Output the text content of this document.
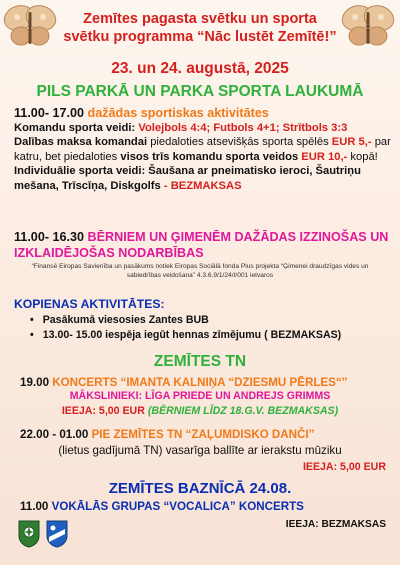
Zemītes pagasta svētku un sporta
svētku programma “Nāc lustēt Zemītē!”
23. un 24. augustā, 2025
PILS PARKĀ UN PARKA SPORTA LAUKUMĀ
11.00- 17.00 dažādas sportiskas aktivitātes
Komandu sporta veidi: Volejbols 4:4; Futbols 4+1; Strītbols 3:3
Dalības maksa komandai piedaloties atsevišķās sporta spēlēs EUR 5,- par katru, bet piedaloties visos trīs komandu sporta veidos EUR 10,- kopā!
Individuālie sporta veidi: Šaušana ar pneimatisko ieroci, Šautriņu mešana, Trīscīņa, Diskgolfs - BEZMAKSAS
11.00- 16.30 BĒRNIEM UN ĢIMENĒM DAŽĀDAS IZZINOŠAS UN IZKLAIDĒJOŠAS NODARBĪBAS
“Finansē Eiropas Savienība un pasākums notiek Eiropas Sociālā fonda Plus projekta “Ģimenei draudzīgas vides un sabiedrības veidošana” 4.3.6.9/1/24/I/001 ietvaros
KOPIENAS AKTIVITĀTES:
• Pasākumā viesosies Zantes BUB
• 13.00- 15.00 iespēja iegūt hennas zīmējumu ( BEZMAKSAS)
ZEMĪTES TN
19.00 KONCERTS “IMANTA KALNIŅA “DZIESMU PĒRLES“”
MĀKSLINIEKI: LĪGA PRIEDE UN ANDREJS GRIMMS
IEEJA: 5,00 EUR (BĒRNIEM LĪDZ 18.G.V. BEZMAKSAS)
22.00 - 01.00 PIE ZEMĪTES TN “ZAĻUMDISKO DANČI”
(lietus gadījumā TN) vasarīga ballīte ar ierakstu mūziku
IEEJA: 5,00 EUR
ZEMĪTES BAZNĪCĀ 24.08.
11.00 VOKĀLĀS GRUPAS “VOCALICA” KONCERTS
IEEJA: BEZMAKSAS
